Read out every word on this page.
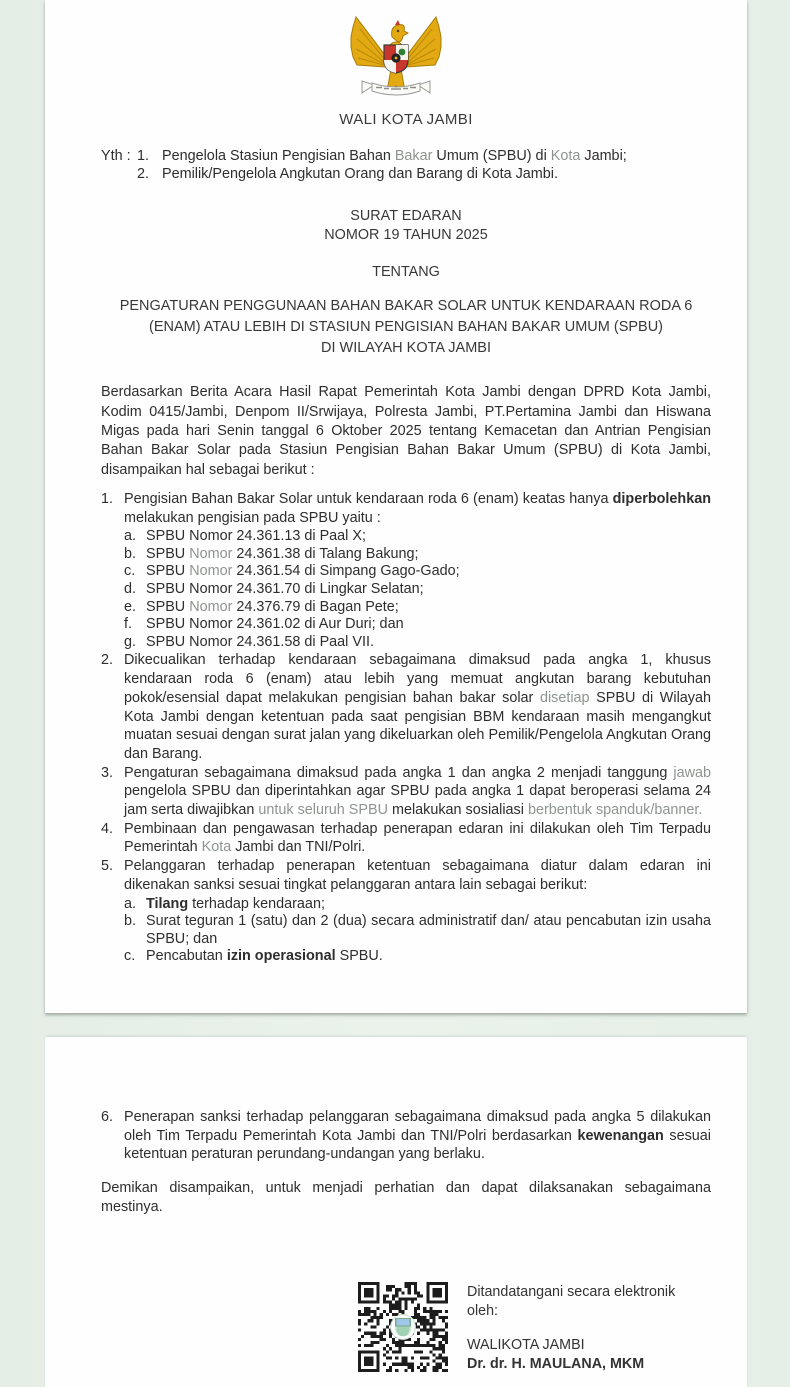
WALI KOTA JAMBI
Yth : 1. Pengelola Stasiun Pengisian Bahan Bakar Umum (SPBU) di Kota Jambi;
2. Pemilik/Pengelola Angkutan Orang dan Barang di Kota Jambi.
SURAT EDARAN
NOMOR 19 TAHUN 2025
TENTANG
PENGATURAN PENGGUNAAN BAHAN BAKAR SOLAR UNTUK KENDARAAN RODA 6
(ENAM) ATAU LEBIH DI STASIUN PENGISIAN BAHAN BAKAR UMUM (SPBU)
DI WILAYAH KOTA JAMBI
Berdasarkan Berita Acara Hasil Rapat Pemerintah Kota Jambi dengan DPRD Kota Jambi, Kodim 0415/Jambi, Denpom II/Srwijaya, Polresta Jambi, PT.Pertamina Jambi dan Hiswana Migas pada hari Senin tanggal 6 Oktober 2025 tentang Kemacetan dan Antrian Pengisian Bahan Bakar Solar pada Stasiun Pengisian Bahan Bakar Umum (SPBU) di Kota Jambi, disampaikan hal sebagai berikut :
1. Pengisian Bahan Bakar Solar untuk kendaraan roda 6 (enam) keatas hanya diperbolehkan melakukan pengisian pada SPBU yaitu :
a. SPBU Nomor 24.361.13 di Paal X;
b. SPBU Nomor 24.361.38 di Talang Bakung;
c. SPBU Nomor 24.361.54 di Simpang Gago-Gado;
d. SPBU Nomor 24.361.70 di Lingkar Selatan;
e. SPBU Nomor 24.376.79 di Bagan Pete;
f. SPBU Nomor 24.361.02 di Aur Duri; dan
g. SPBU Nomor 24.361.58 di Paal VII.
2. Dikecualikan terhadap kendaraan sebagaimana dimaksud pada angka 1, khusus kendaraan roda 6 (enam) atau lebih yang memuat angkutan barang kebutuhan pokok/esensial dapat melakukan pengisian bahan bakar solar disetiap SPBU di Wilayah Kota Jambi dengan ketentuan pada saat pengisian BBM kendaraan masih mengangkut muatan sesuai dengan surat jalan yang dikeluarkan oleh Pemilik/Pengelola Angkutan Orang dan Barang.
3. Pengaturan sebagaimana dimaksud pada angka 1 dan angka 2 menjadi tanggung jawab pengelola SPBU dan diperintahkan agar SPBU pada angka 1 dapat beroperasi selama 24 jam serta diwajibkan untuk seluruh SPBU melakukan sosialiasi berbentuk spanduk/banner.
4. Pembinaan dan pengawasan terhadap penerapan edaran ini dilakukan oleh Tim Terpadu Pemerintah Kota Jambi dan TNI/Polri.
5. Pelanggaran terhadap penerapan ketentuan sebagaimana diatur dalam edaran ini dikenakan sanksi sesuai tingkat pelanggaran antara lain sebagai berikut:
a. Tilang terhadap kendaraan;
b. Surat teguran 1 (satu) dan 2 (dua) secara administratif dan/ atau pencabutan izin usaha SPBU; dan
c. Pencabutan izin operasional SPBU.
6. Penerapan sanksi terhadap pelanggaran sebagaimana dimaksud pada angka 5 dilakukan oleh Tim Terpadu Pemerintah Kota Jambi dan TNI/Polri berdasarkan kewenangan sesuai ketentuan peraturan perundang-undangan yang berlaku.
Demikan disampaikan, untuk menjadi perhatian dan dapat dilaksanakan sebagaimana mestinya.
Ditandatangani secara elektronik
oleh:
WALIKOTA JAMBI
Dr. dr. H. MAULANA, MKM
